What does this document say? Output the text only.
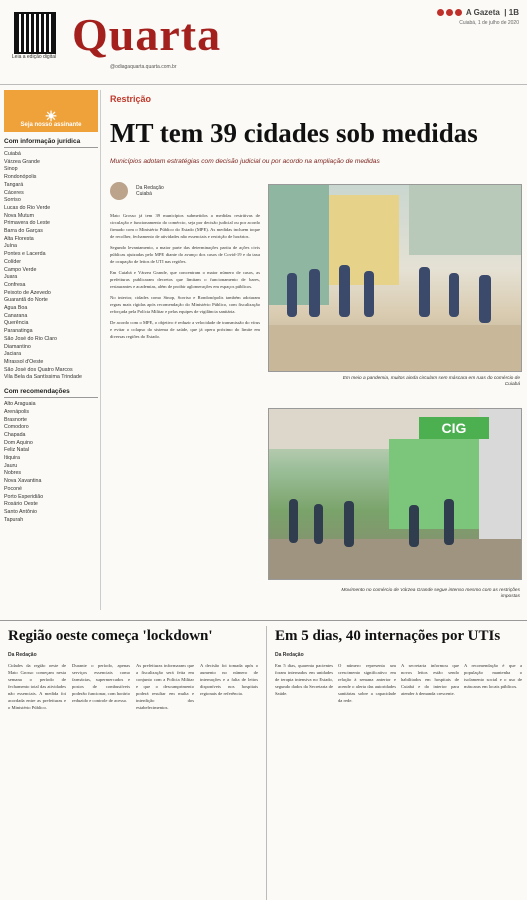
Leia a edição digital Quarta
@odiagaquarta.quarta.com.br
A Gazeta  | 1B
Cuiabá, 1 de julho de 2020
☀
Seja nosso assinante
Com informação jurídica
Cuiabá
Várzea Grande
Sinop
Rondonópolis
Tangará
Cáceres
Sorriso
Lucas do Rio Verde
Nova Mutum
Primavera do Leste
Barra do Garças
Alta Floresta
Juína
Pontes e Lacerda
Colíder
Campo Verde
Juara
Confresa
Peixoto de Azevedo
Guarantã do Norte
Água Boa
Canarana
Querência
Paranatinga
São José do Rio Claro
Diamantino
Jaciara
Mirassol d'Oeste
São José dos Quatro Marcos
Vila Bela da Santíssima Trindade
Com recomendações
Alto Araguaia
Arenápolis
Brasnorte
Comodoro
Chapada
Dom Aquino
Feliz Natal
Itiquira
Jauru
Nobres
Nova Xavantina
Poconé
Porto Esperidião
Rosário Oeste
Santo Antônio
Tapurah
Restrição
MT tem 39 cidades sob medidas
Municípios adotam estratégias com decisão judicial ou por acordo na ampliação de medidas
Da Redação
Cuiabá

Mato Grosso já tem 39 municípios submetidos a medidas restritivas de circulação e funcionamento do comércio, seja por decisão judicial ou por acordo firmado com o Ministério Público do Estado (MPE). As medidas incluem toque de recolher, fechamento de atividades não essenciais e restrição de horários.

Segundo levantamento, a maior parte das determinações partiu de ações civis públicas ajuizadas pelo MPE diante do avanço dos casos de Covid-19 e da taxa de ocupação de leitos de UTI nas regiões.

Em Cuiabá e Várzea Grande, que concentram o maior número de casos, as prefeituras publicaram decretos que limitam o funcionamento de bares, restaurantes e academias, além de proibir aglomerações em espaços públicos.

No interior, cidades como Sinop, Sorriso e Rondonópolis também adotaram regras mais rígidas após recomendação do Ministério Público, com fiscalização reforçada pela Polícia Militar e pelas equipes de vigilância sanitária.

De acordo com o MPE, o objetivo é reduzir a velocidade de transmissão do vírus e evitar o colapso do sistema de saúde, que já opera próximo do limite em diversas regiões do Estado.

Em meio a pandemia, muitos ainda circulam sem máscara em ruas do comércio de Cuiabá
CIG
Movimento no comércio de Várzea Grande segue intenso mesmo com as restrições impostas
Região oeste começa 'lockdown'
Da Redação

Cidades da região oeste de Mato Grosso começam nesta semana o período de fechamento total das atividades não essenciais. A medida foi acordada entre as prefeituras e o Ministério Público.

Durante o período, apenas serviços essenciais como farmácias, supermercados e postos de combustíveis poderão funcionar, com horário reduzido e controle de acesso.

As prefeituras informaram que a fiscalização será feita em conjunto com a Polícia Militar e que o descumprimento poderá resultar em multa e interdição dos estabelecimentos.

A decisão foi tomada após o aumento no número de internações e a falta de leitos disponíveis nos hospitais regionais de referência.

Em 5 dias, 40 internações por UTIs
Da Redação

Em 5 dias, quarenta pacientes foram internados em unidades de terapia intensiva no Estado, segundo dados da Secretaria de Saúde.

O número representa um crescimento significativo em relação à semana anterior e acende o alerta das autoridades sanitárias sobre a capacidade da rede.

A secretaria informou que novos leitos estão sendo habilitados em hospitais de Cuiabá e do interior para atender à demanda crescente.

A recomendação é que a população mantenha o isolamento social e o uso de máscaras em locais públicos.
